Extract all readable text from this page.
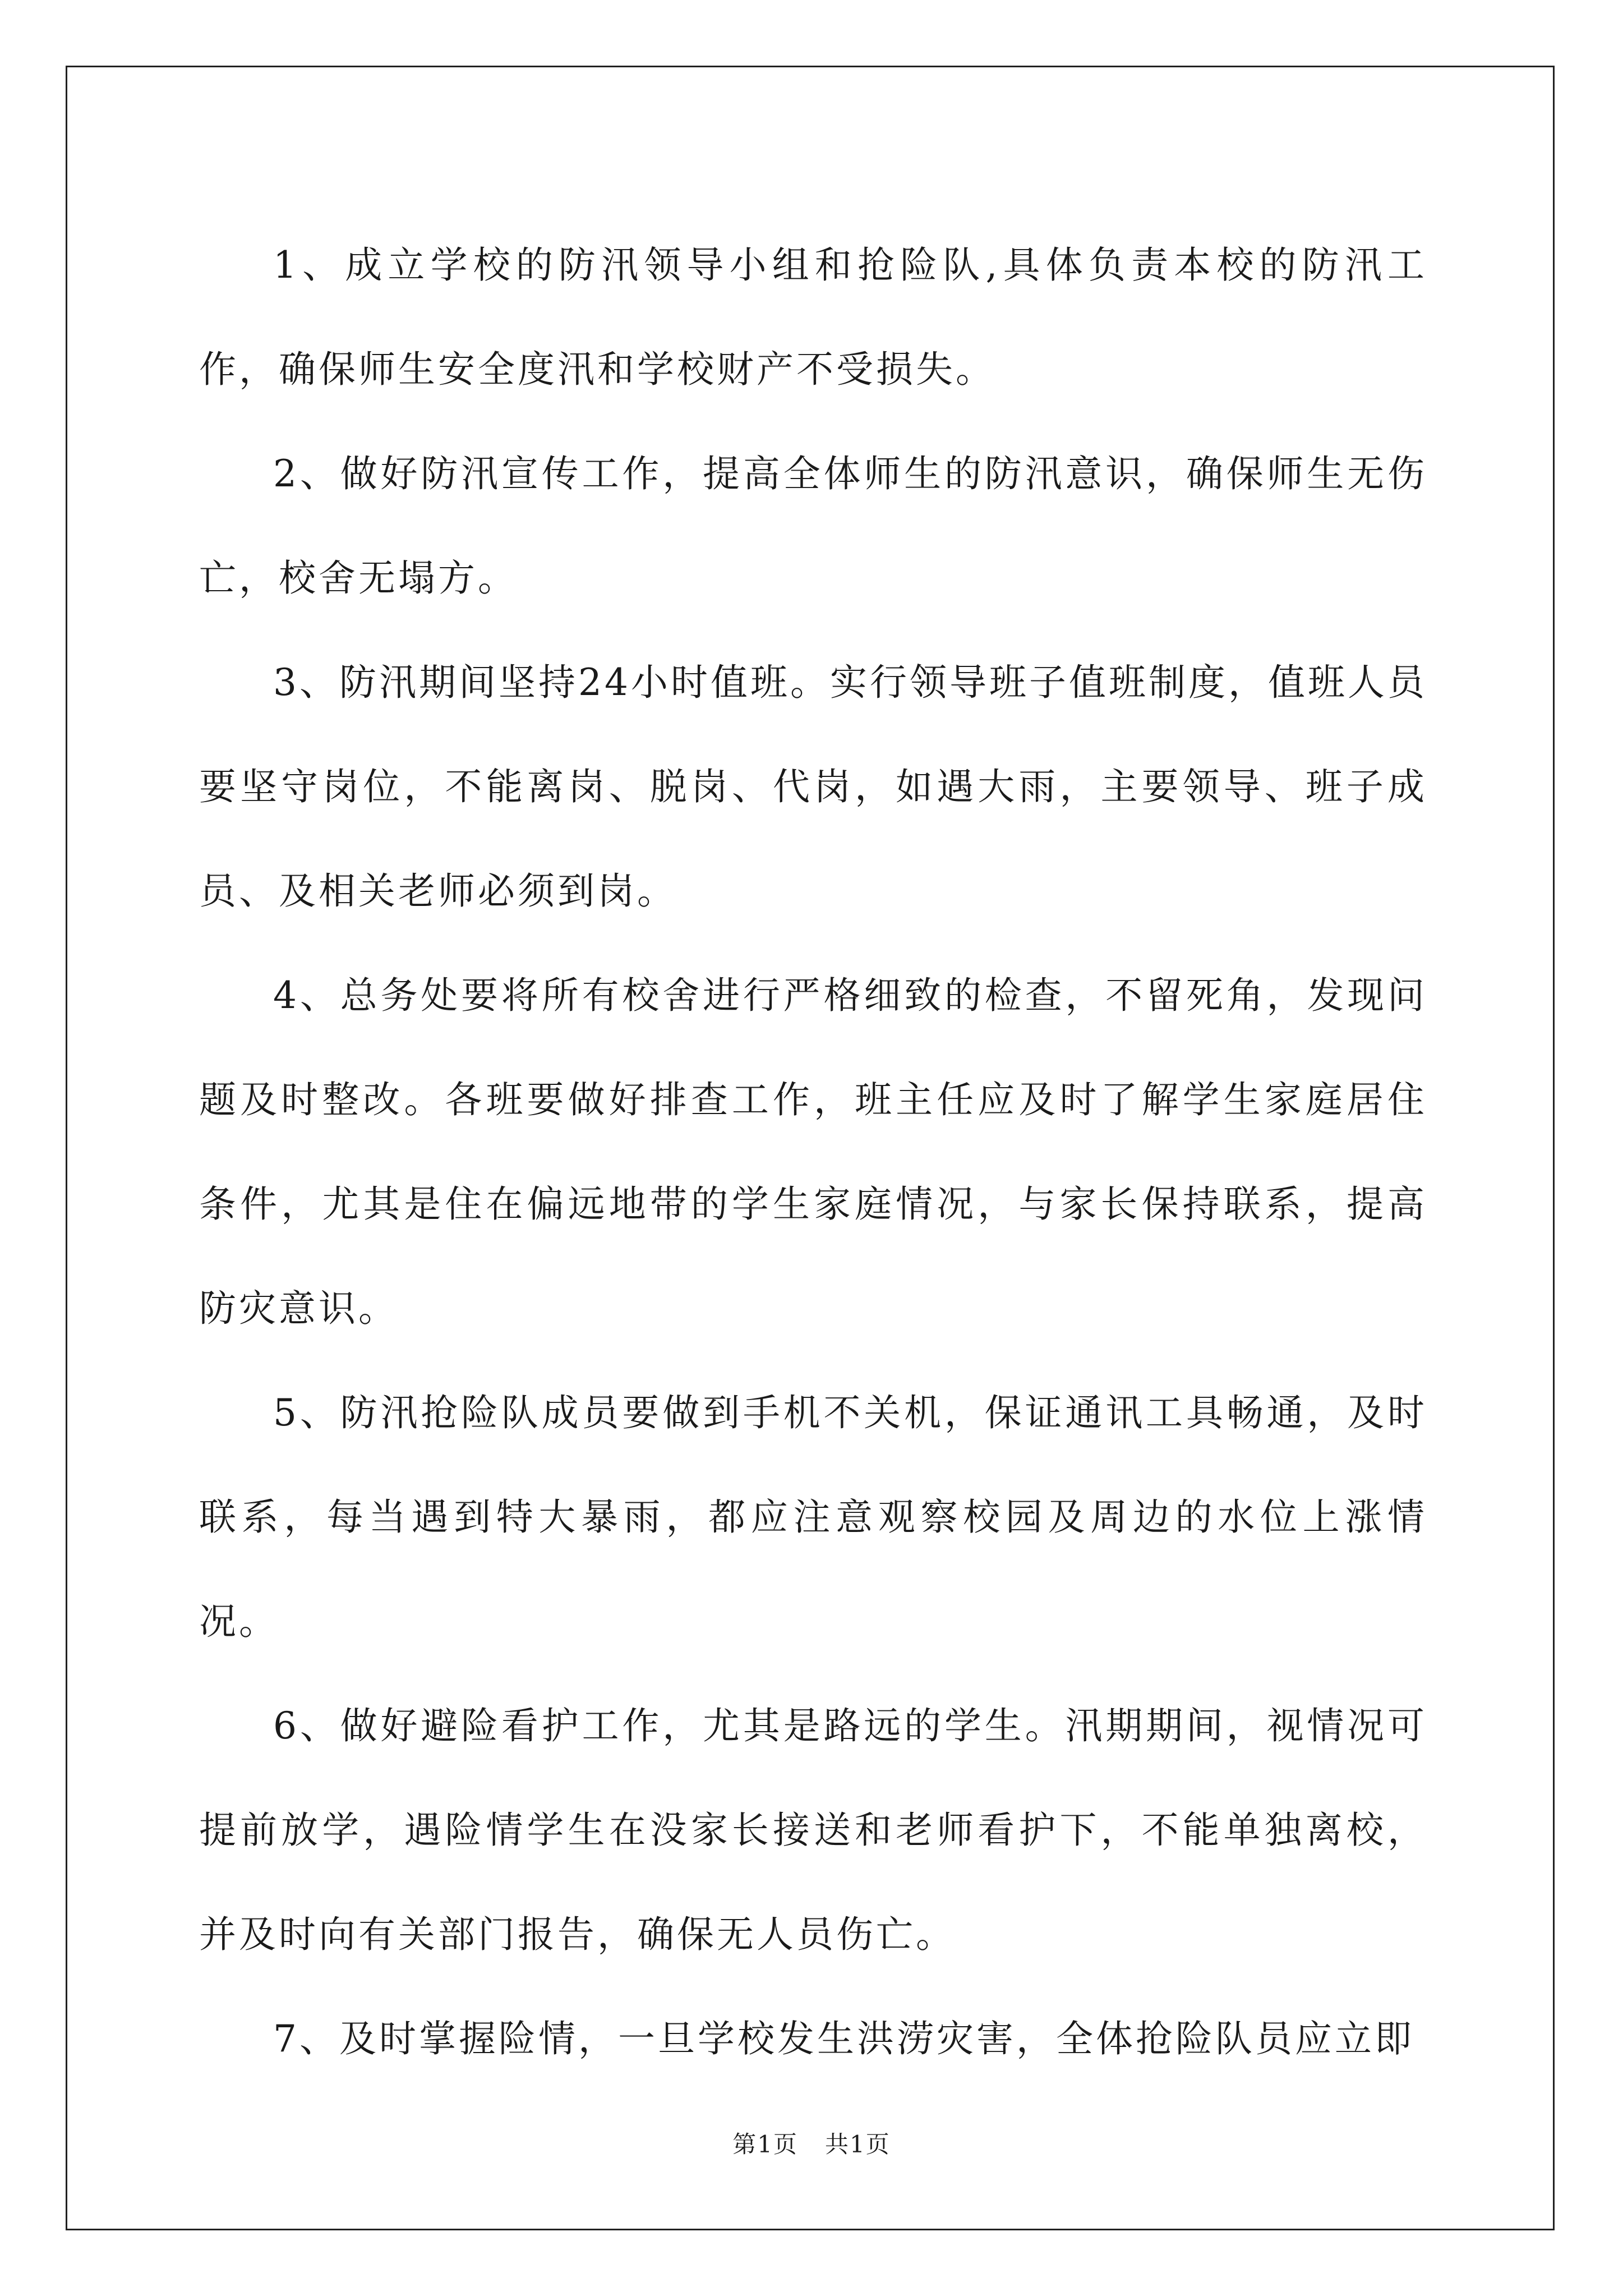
1、成立学校的防汛领导小组和抢险队,具体负责本校的防汛工作，确保师生安全度汛和学校财产不受损失。

2、做好防汛宣传工作，提高全体师生的防汛意识，确保师生无伤亡，校舍无塌方。

3、防汛期间坚持24小时值班。实行领导班子值班制度，值班人员要坚守岗位，不能离岗、脱岗、代岗，如遇大雨，主要领导、班子成员、及相关老师必须到岗。

4、总务处要将所有校舍进行严格细致的检查，不留死角，发现问题及时整改。各班要做好排查工作，班主任应及时了解学生家庭居住条件，尤其是住在偏远地带的学生家庭情况，与家长保持联系，提高防灾意识。

5、防汛抢险队成员要做到手机不关机，保证通讯工具畅通，及时联系，每当遇到特大暴雨，都应注意观察校园及周边的水位上涨情况。

6、做好避险看护工作，尤其是路远的学生。汛期期间，视情况可提前放学，遇险情学生在没家长接送和老师看护下，不能单独离校，并及时向有关部门报告，确保无人员伤亡。

7、及时掌握险情，一旦学校发生洪涝灾害，全体抢险队员应立即

第1页 共1页
